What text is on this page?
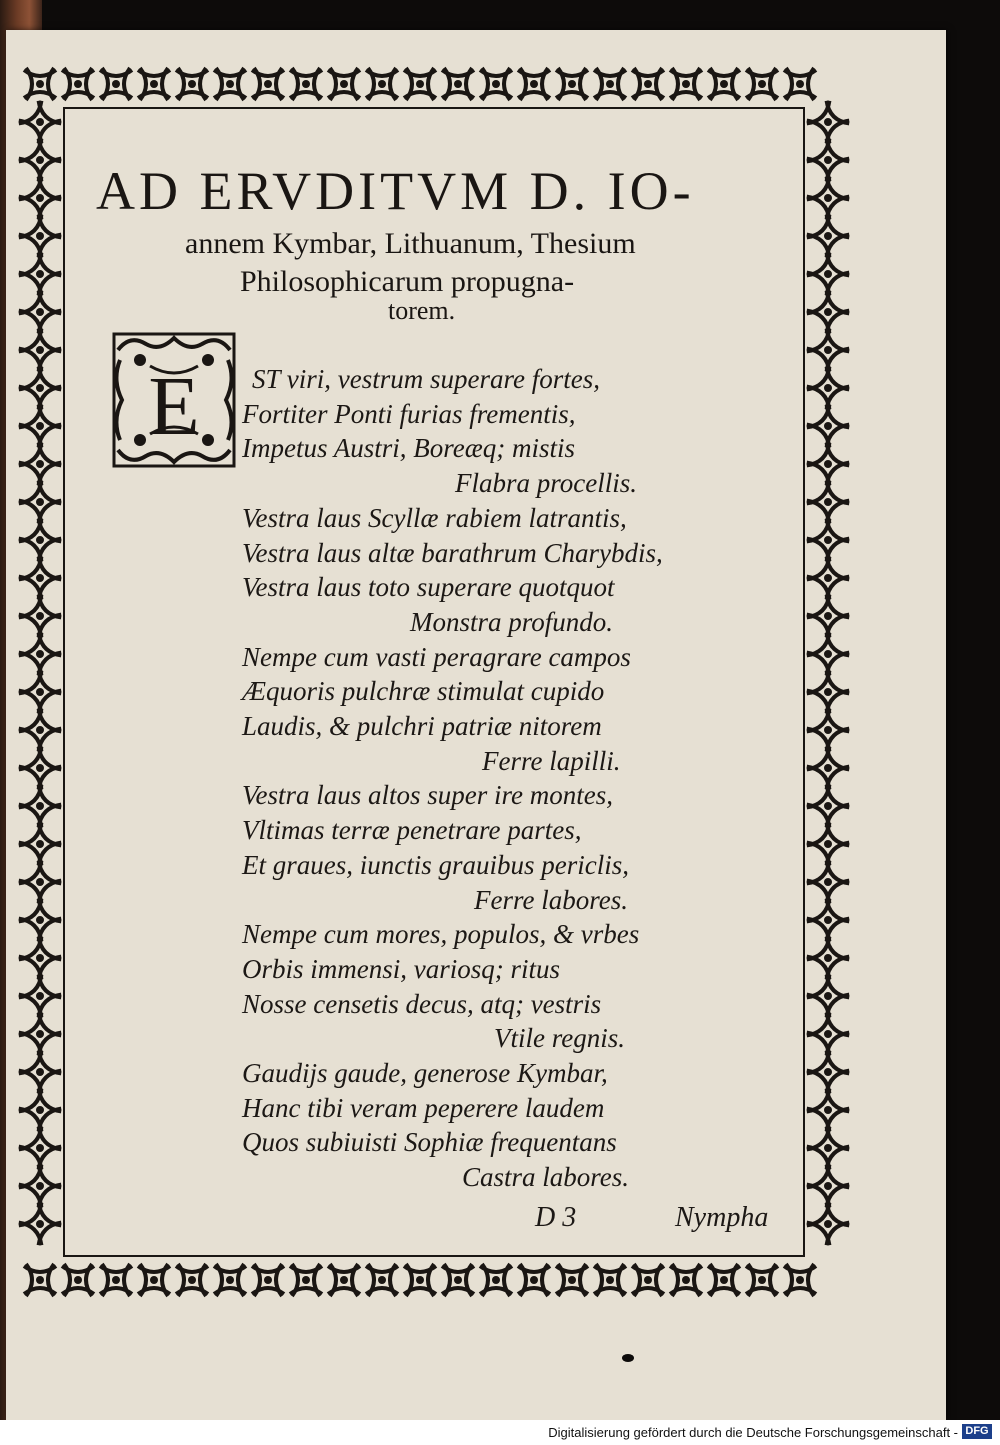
AD ERVDITVM D. IO-
annem Kymbar, Lithuanum, Thesium
Philosophicarum propugna-
torem.
E ST viri, vestrum superare fortes,
Fortiter Ponti furias frementis,
Impetus Austri, Boreæq; mistis
Flabra procellis.
Vestra laus Scyllæ rabiem latrantis,
Vestra laus altæ barathrum Charybdis,
Vestra laus toto superare quotquot
Monstra profundo.
Nempe cum vasti peragrare campos
Æquoris pulchræ stimulat cupido
Laudis, & pulchri patriæ nitorem
Ferre lapilli.
Vestra laus altos super ire montes,
Vltimas terræ penetrare partes,
Et graues, iunctis grauibus periclis,
Ferre labores.
Nempe cum mores, populos, & vrbes
Orbis immensi, variosq; ritus
Nosse censetis decus, atq; vestris
Vtile regnis.
Gaudijs gaude, generose Kymbar,
Hanc tibi veram peperere laudem
Quos subiuisti Sophiæ frequentans
Castra labores.
D 3	Nympha
Digitalisierung gefördert durch die Deutsche Forschungsgemeinschaft - DFG
